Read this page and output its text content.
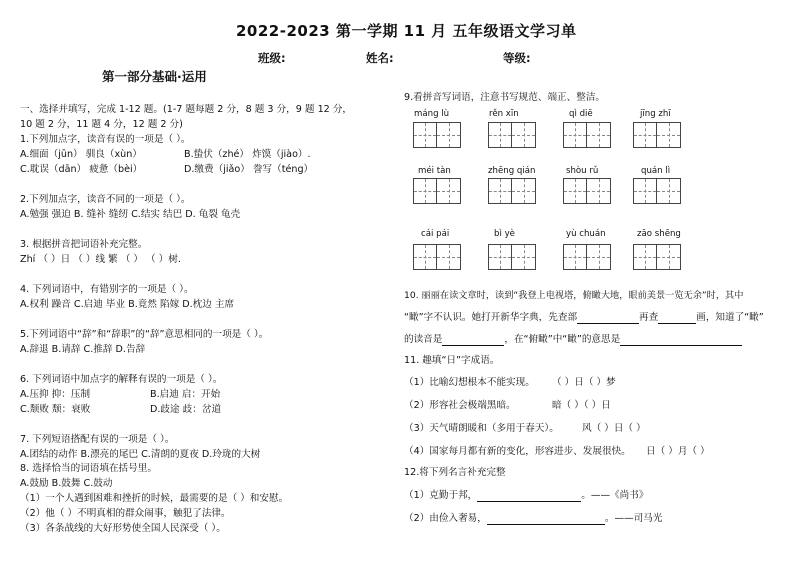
2022-2023 第一学期 11 月 五年级语文学习单
班级:	姓名:	等级:
第一部分基础·运用
一、选择并填写，完成 1-12 题。(1-7 题每题 2 分，8 题 3 分，9 题 12 分，
10 题 2 分，11 题 4 分，12 题 2 分)
1.下列加点字，读音有误的一项是（ ）。
A.细面（jūn） 驯良（xùn）	B.蛰伏（zhé） 炸馍（jiào）.
C.耽误（dān） 疲惫（bèi）	D.缴费（jiǎo） 誊写（téng）
2.下列加点字，读音不同的一项是（ ）。
A.勉强 强迫 B. 缝补 缝纫 C.结实 结巴 D. 龟裂 龟壳
3. 根据拼音把词语补充完整。
Zhí （ ）日 （ ）线 繁 （ ） （ ）树.
4. 下列词语中，有错别字的一项是（ ）。
A.权利 躁音 C.启迪 毕业 B.竟然 陷嫁 D.枕边 主席
5.下列词语中“辞”和“辞职”的“辞”意思相同的一项是（ ）。
A.辞退 B.请辞 C.推辞 D.告辞
6. 下列词语中加点字的解释有误的一项是（ ）。
A.压抑 抑：压制	B.启迪 启：开始
C.颓败 颓：衰败	D.歧途 歧：岔道
7. 下列短语搭配有误的一项是（ ）。
A.团结的动作 B.漂亮的尾巴 C.清朗的夏夜 D.玲珑的大树
8. 选择恰当的词语填在括号里。
A.鼓励 B.鼓舞 C.鼓动
（1）一个人遇到困难和挫折的时候，最需要的是（ ）和安慰。
（2）他（ ）不明真相的群众闹事，触犯了法律。
（3）各条战线的大好形势使全国人民深受（ ）。
9.看拼音写词语，注意书写规范、端正、整洁。
máng lù	rěn xīn	qì diē	jīng zhī
méi tàn	zhēng qián	shòu rǔ	quán lì
cái pái	bì yè	yù chuán	zāo shēng
10. 丽丽在读文章时，读到“我登上电视塔，俯瞰大地，眼前美景一览无余”时，其中
“瞰”字不认识。她打开新华字典，先查部	再查	画，知道了“瞰”
的读音是	，在“俯瞰”中“瞰”的意思是
11. 趣填“日”字成语。
（1）比喻幻想根本不能实现。 （ ）日（ ）梦
（2）形容社会极端黑暗。	暗（ ）（ ）日
（3）天气晴朗暖和（多用于春天）。 风（ ）日（ ）
（4）国家每月都有新的变化，形容进步、发展很快。 日（ ）月（ ）
12.将下列名言补充完整
（1）克勤于邦，	。——《尚书》
（2）由俭入奢易，	。——司马光
